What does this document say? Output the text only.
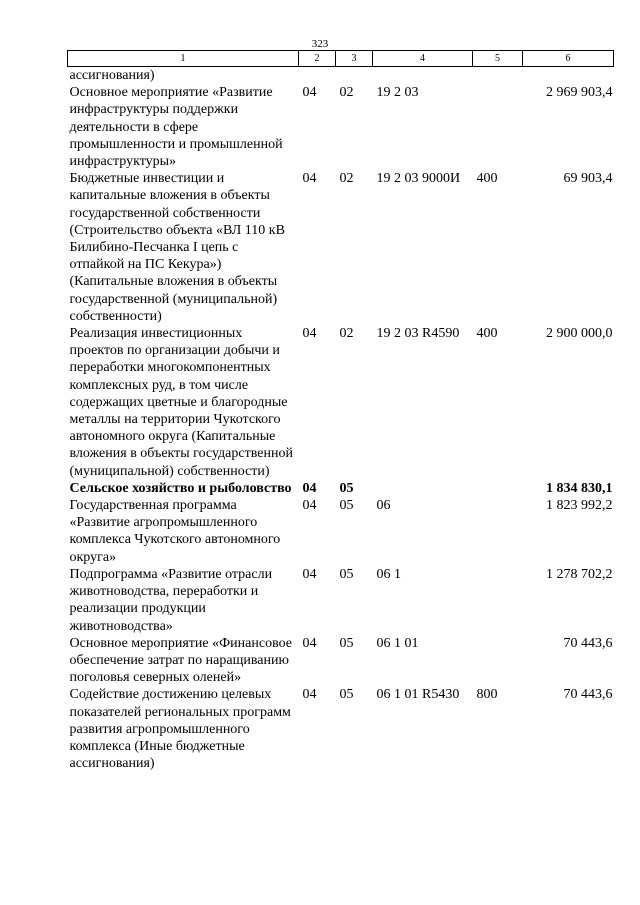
323
1	2	3	4	5	6
ассигнования)					
Основное мероприятие «Развитие инфраструктуры поддержки деятельности в сфере промышленности и промышленной инфраструктуры»	04	02	19 2 03		2 969 903,4
Бюджетные инвестиции и капитальные вложения в объекты государственной собственности (Строительство объекта «ВЛ 110 кВ Билибино-Песчанка I цепь с отпайкой на ПС Кекура») (Капитальные вложения в объекты государственной (муниципальной) собственности)	04	02	19 2 03 9000И	400	69 903,4
Реализация инвестиционных проектов по организации добычи и переработки многокомпонентных комплексных руд, в том числе содержащих цветные и благородные металлы на территории Чукотского автономного округа (Капитальные вложения в объекты государственной (муниципальной) собственности)	04	02	19 2 03 R4590	400	2 900 000,0
Сельское хозяйство и рыболовство	04	05			1 834 830,1
Государственная программа «Развитие агропромышленного комплекса Чукотского автономного округа»	04	05	06		1 823 992,2
Подпрограмма «Развитие отрасли животноводства, переработки и реализации продукции животноводства»	04	05	06 1		1 278 702,2
Основное мероприятие «Финансовое обеспечение затрат по наращиванию поголовья северных оленей»	04	05	06 1 01		70 443,6
Содействие достижению целевых показателей региональных программ развития агропромышленного комплекса (Иные бюджетные ассигнования)	04	05	06 1 01 R5430	800	70 443,6
